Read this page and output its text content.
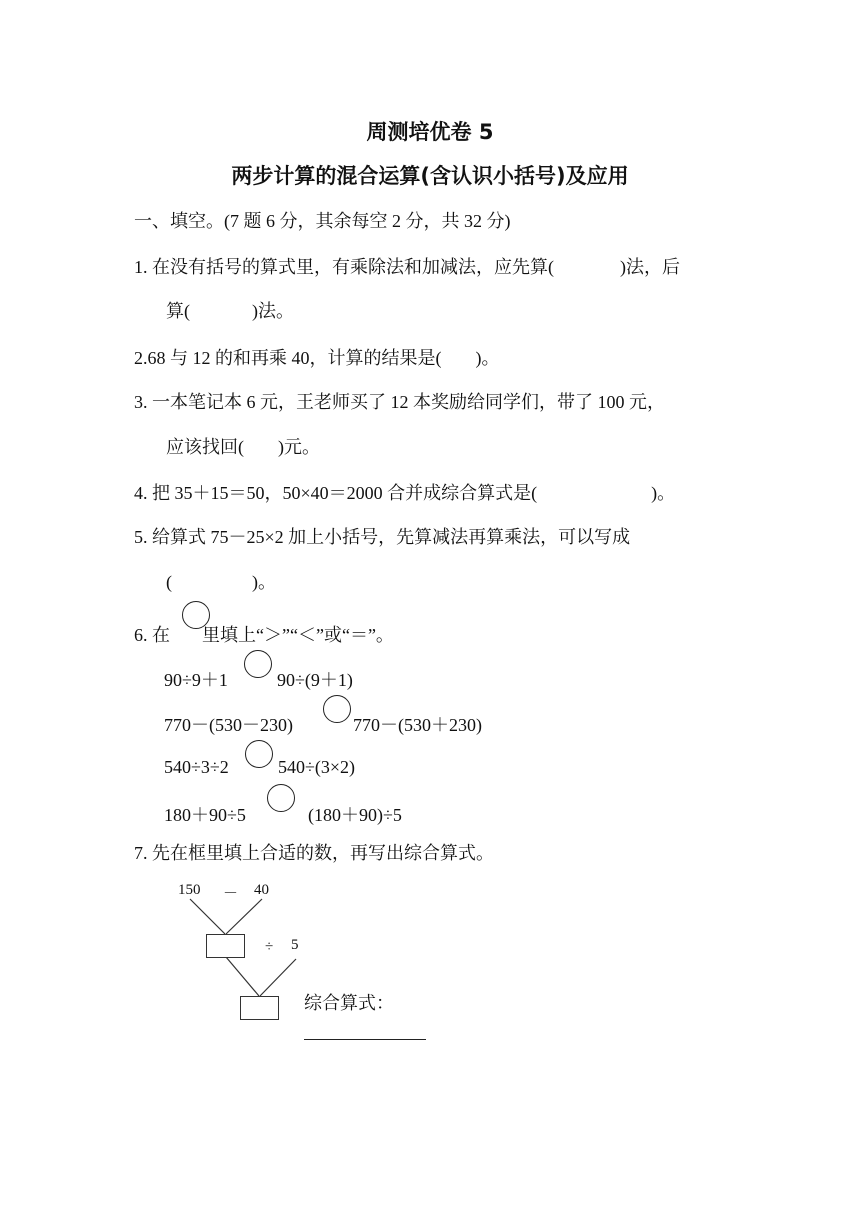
周测培优卷 5
两步计算的混合运算(含认识小括号)及应用
一、填空。(7 题 6 分，其余每空 2 分，共 32 分)
1. 在没有括号的算式里，有乘除法和加减法，应先算(	)法，后
算(	)法。
2.68 与 12 的和再乘 40，计算的结果是( )。
3. 一本笔记本 6 元，王老师买了 12 本奖励给同学们，带了 100 元，
应该找回( )元。
4. 把 35＋15＝50，50×40＝2000 合并成综合算式是(	)。
5. 给算式 75－25×2 加上小括号，先算减法再算乘法，可以写成
(	)。
6. 在 里填上“＞”“＜”或“＝”。
90÷9＋1	90÷(9＋1)
770－(530－230)	770－(530＋230)
540÷3÷2	540÷(3×2)
180＋90÷5	(180＋90)÷5
7. 先在框里填上合适的数，再写出综合算式。
150 － 40
÷ 5
综合算式：
